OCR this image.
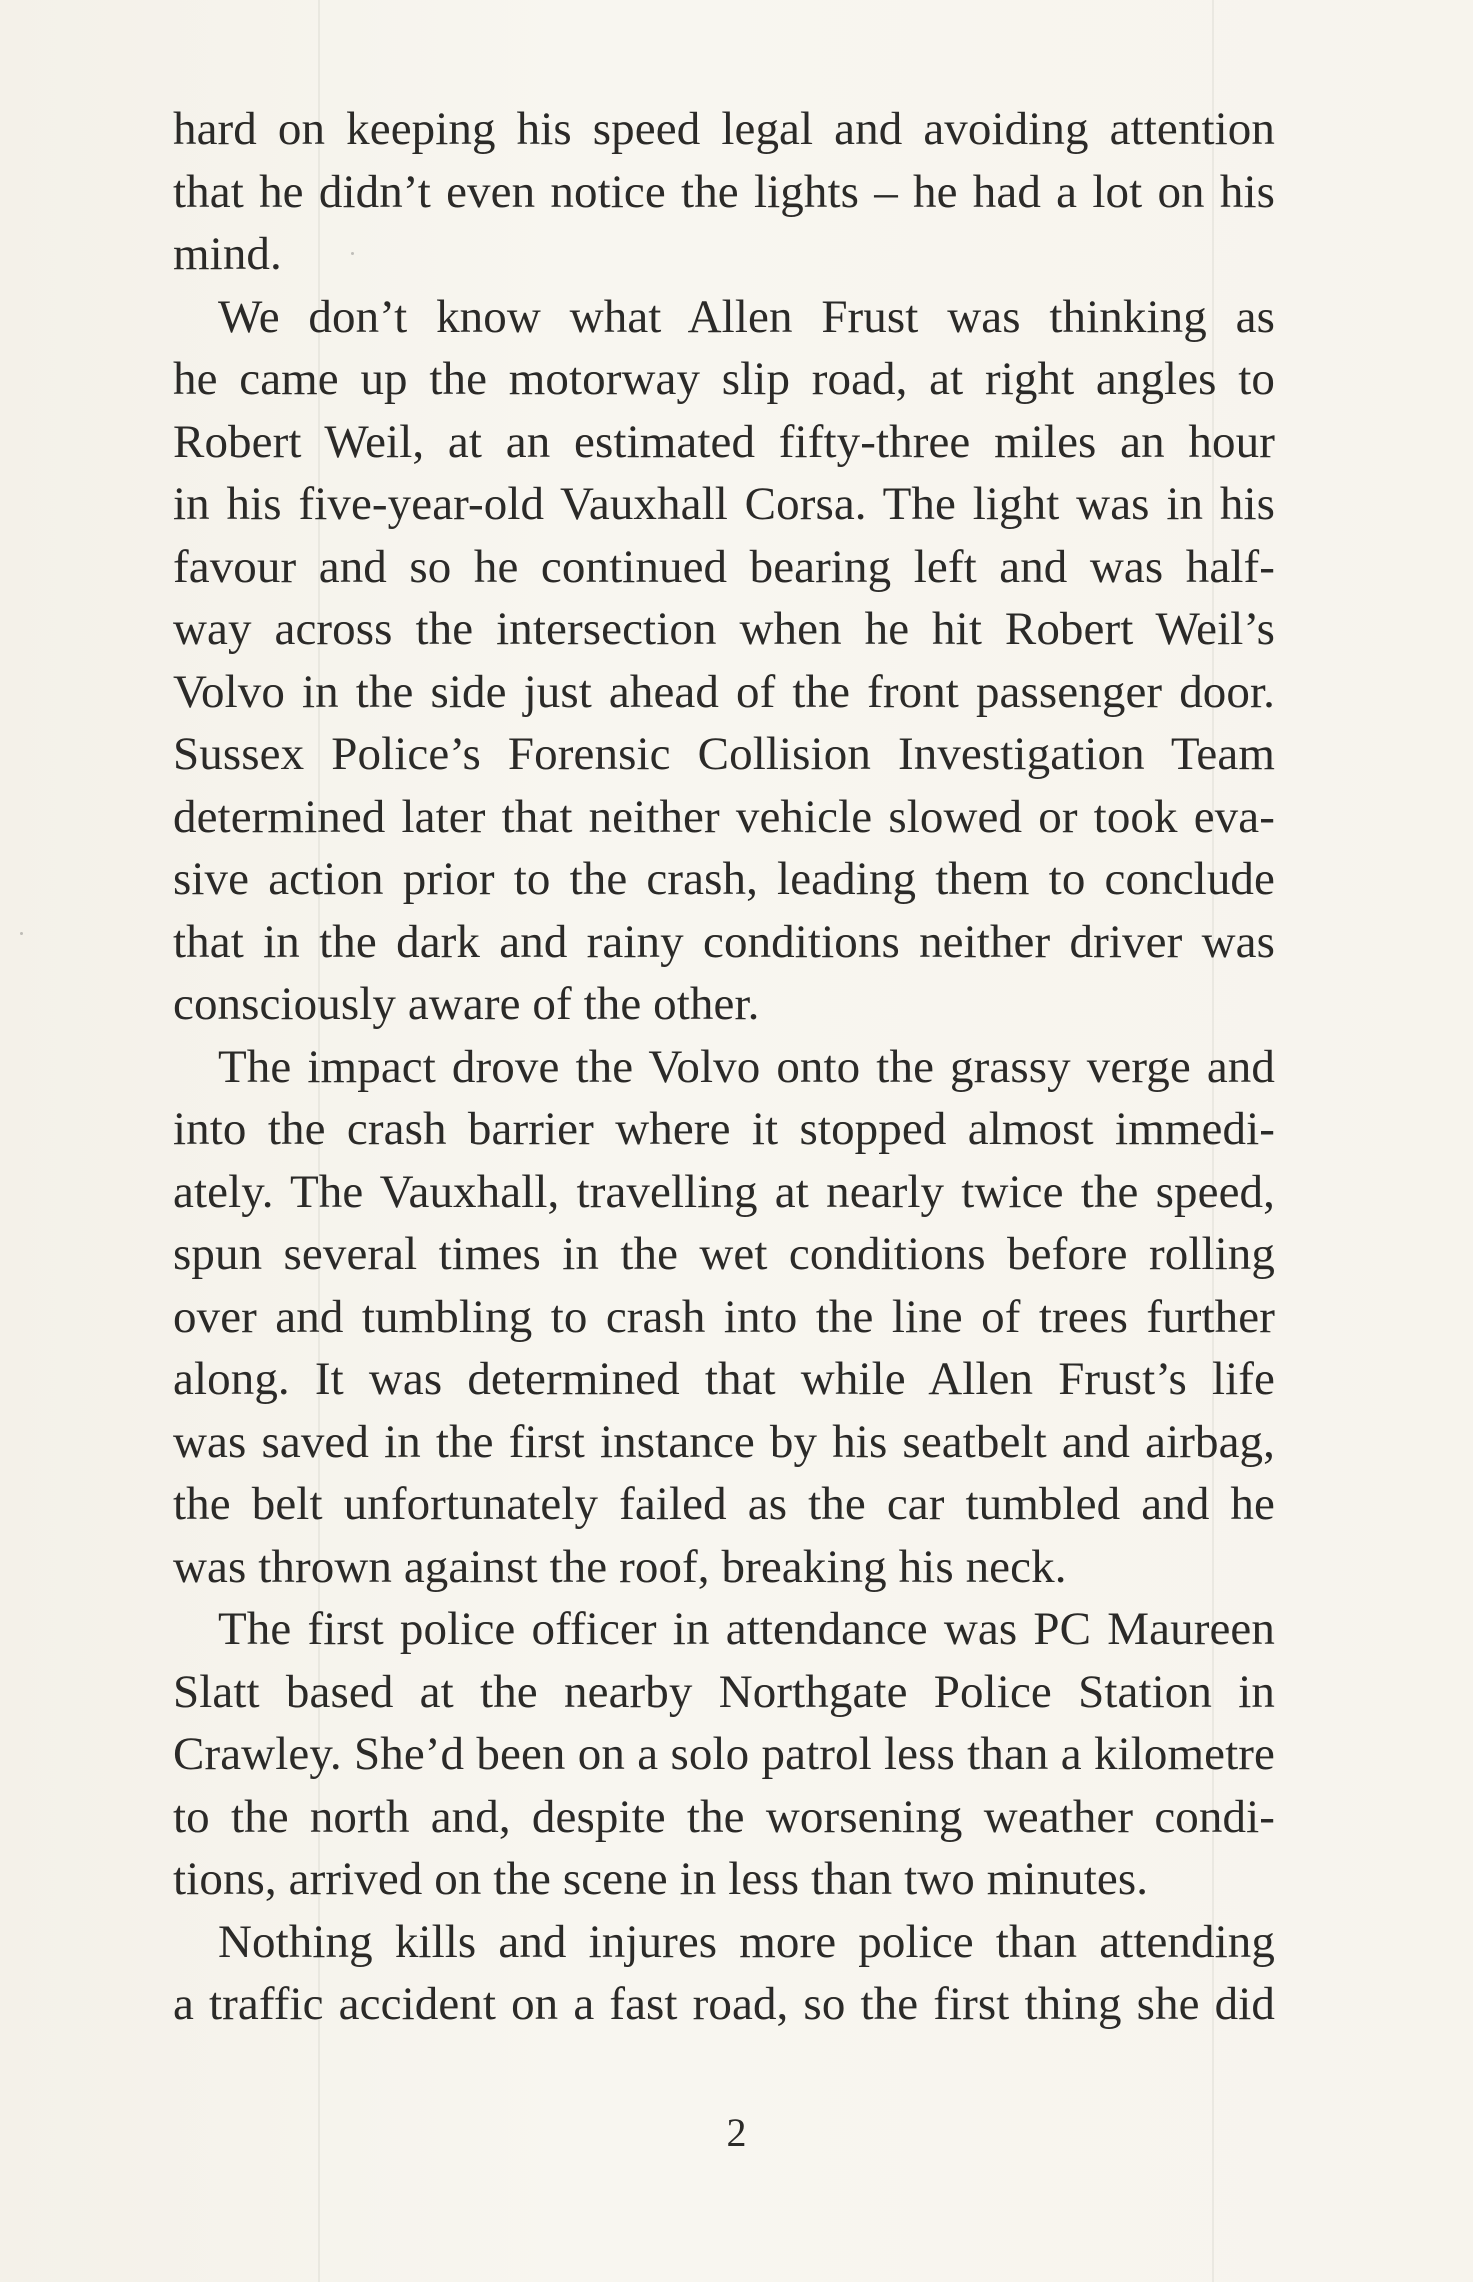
hard on keeping his speed legal and avoiding attention
that he didn’t even notice the lights – he had a lot on his
mind.
We don’t know what Allen Frust was thinking as
he came up the motorway slip road, at right angles to
Robert Weil, at an estimated fifty-three miles an hour
in his five-year-old Vauxhall Corsa. The light was in his
favour and so he continued bearing left and was half-
way across the intersection when he hit Robert Weil’s
Volvo in the side just ahead of the front passenger door.
Sussex Police’s Forensic Collision Investigation Team
determined later that neither vehicle slowed or took eva-
sive action prior to the crash, leading them to conclude
that in the dark and rainy conditions neither driver was
consciously aware of the other.
The impact drove the Volvo onto the grassy verge and
into the crash barrier where it stopped almost immedi-
ately. The Vauxhall, travelling at nearly twice the speed,
spun several times in the wet conditions before rolling
over and tumbling to crash into the line of trees further
along. It was determined that while Allen Frust’s life
was saved in the first instance by his seatbelt and airbag,
the belt unfortunately failed as the car tumbled and he
was thrown against the roof, breaking his neck.
The first police officer in attendance was PC Maureen
Slatt based at the nearby Northgate Police Station in
Crawley. She’d been on a solo patrol less than a kilometre
to the north and, despite the worsening weather condi-
tions, arrived on the scene in less than two minutes.
Nothing kills and injures more police than attending
a traffic accident on a fast road, so the first thing she did
2
